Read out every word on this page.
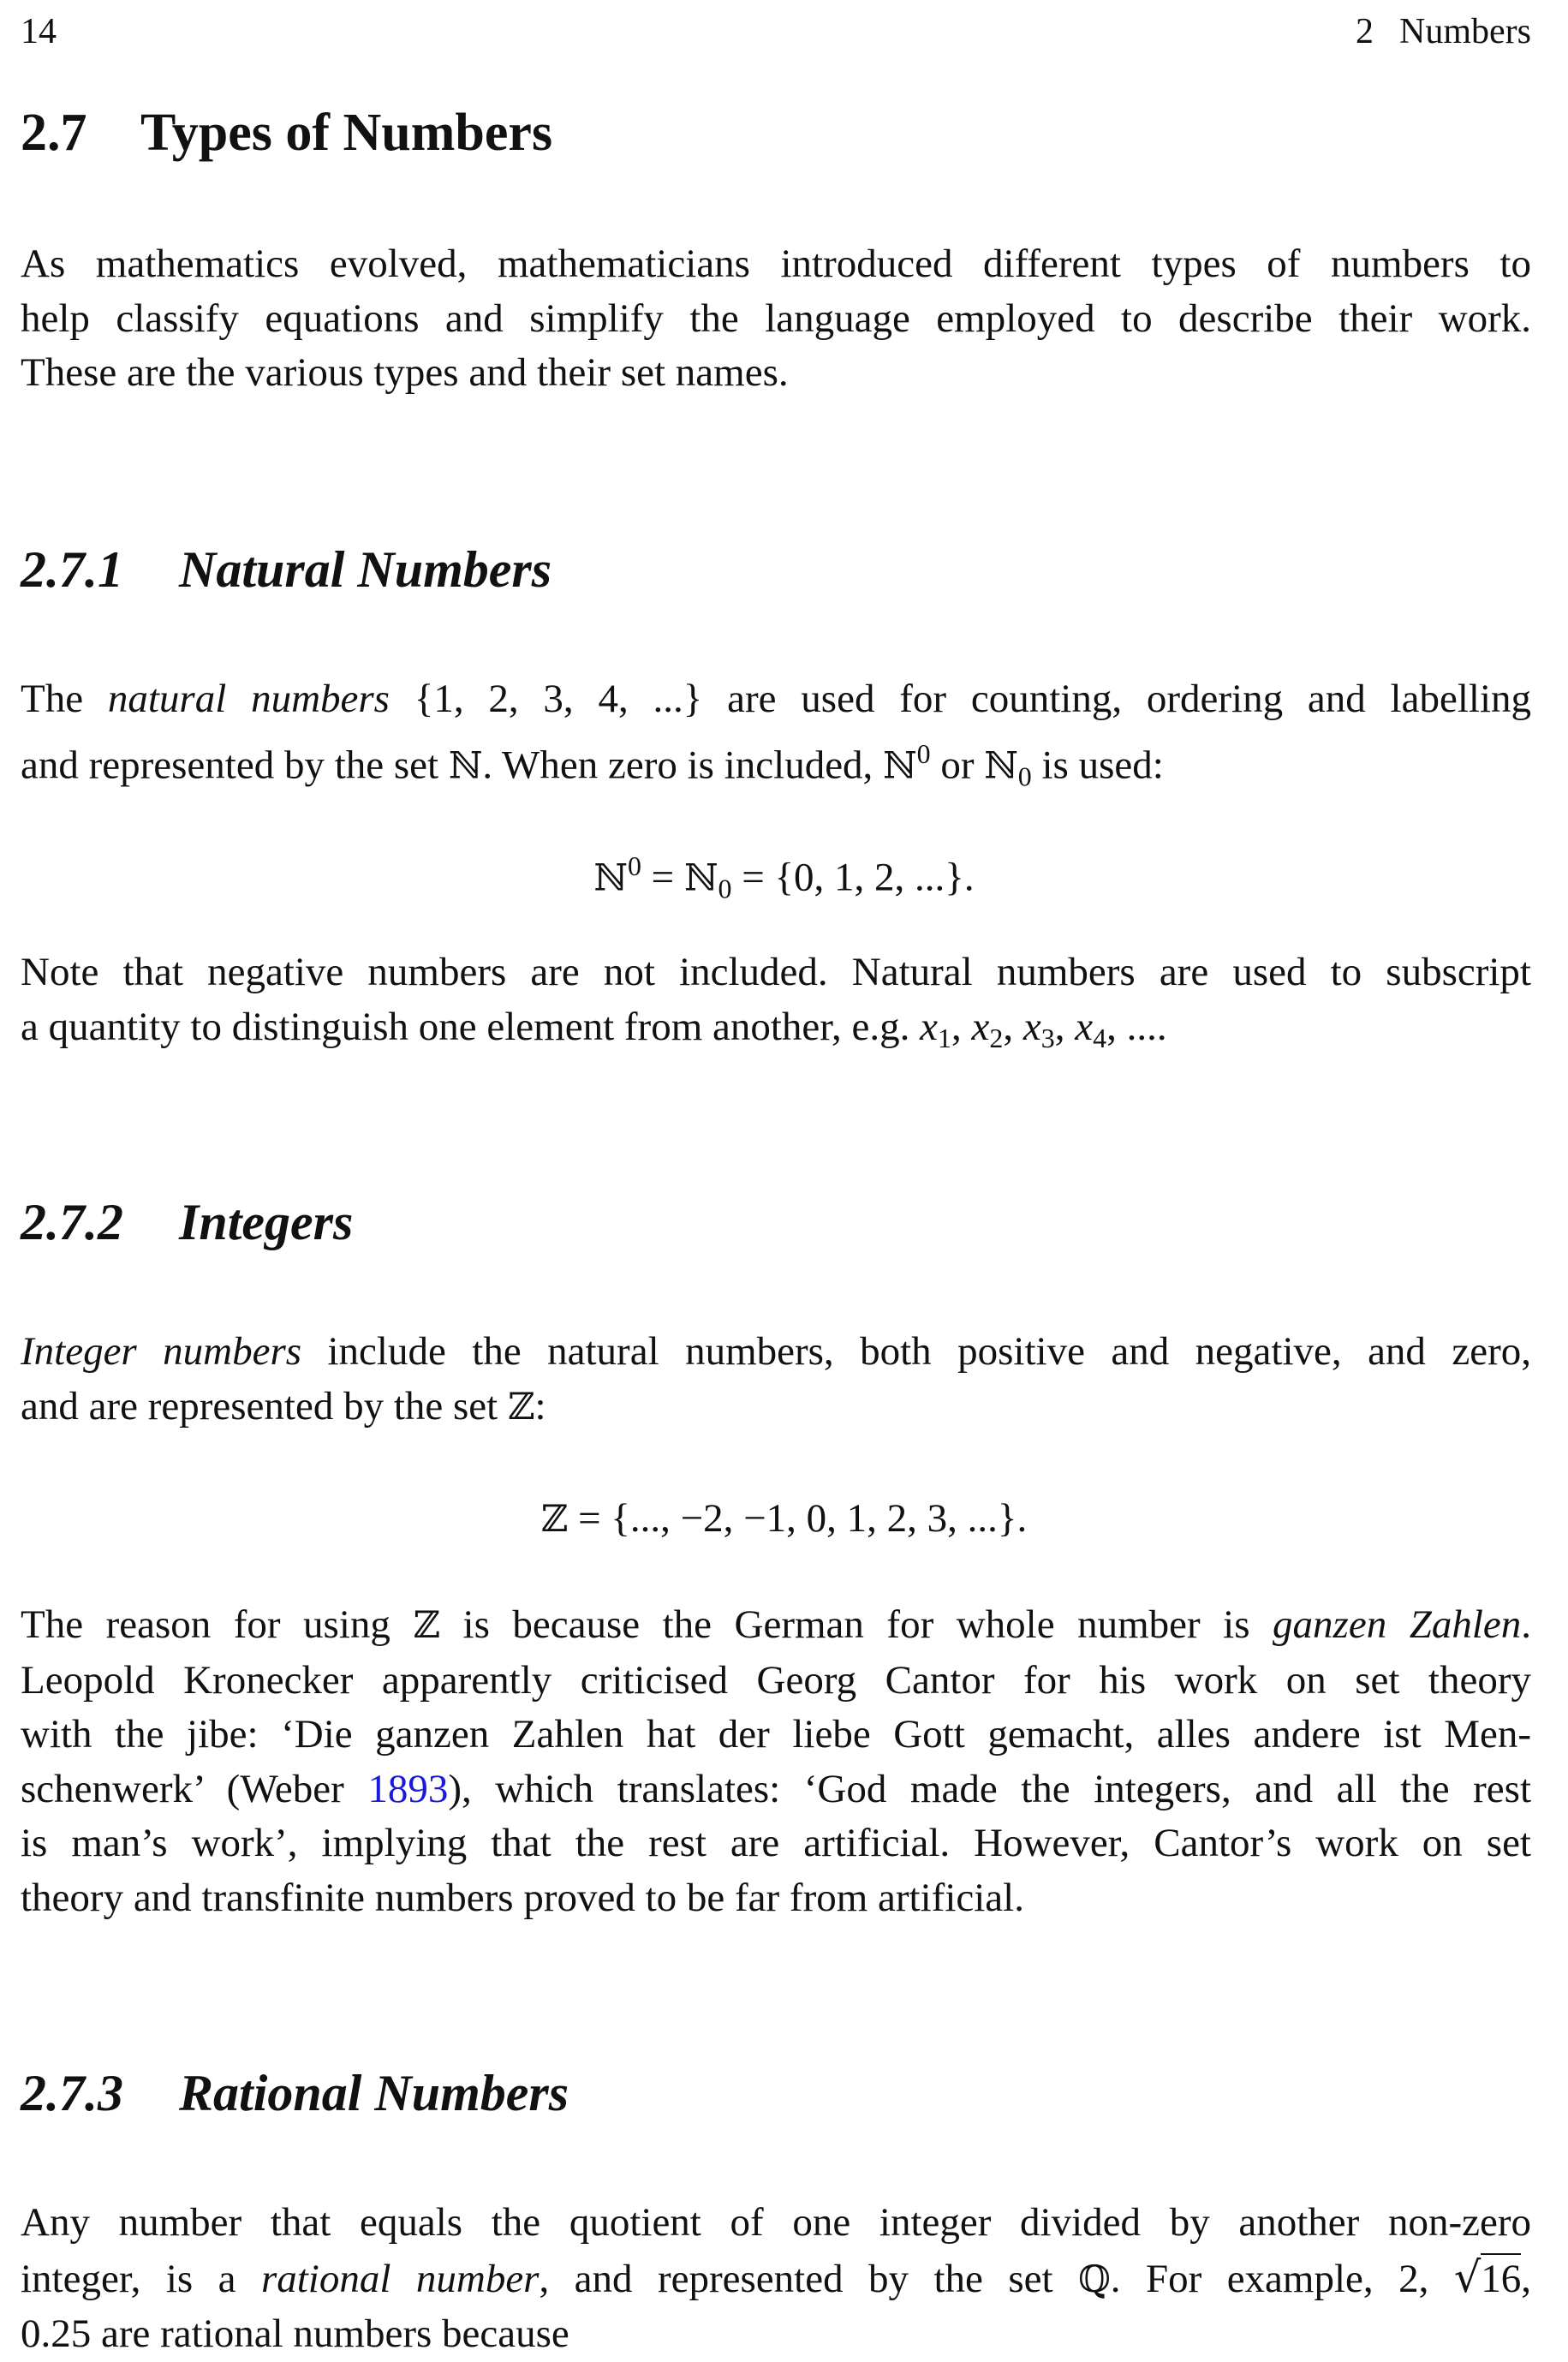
14	2 Numbers
2.7 Types of Numbers

As mathematics evolved, mathematicians introduced different types of numbers to
help classify equations and simplify the language employed to describe their work.
These are the various types and their set names.

2.7.1 Natural Numbers

The natural numbers {1, 2, 3, 4, ...} are used for counting, ordering and labelling
and represented by the set ℕ. When zero is included, ℕ$^0$ or ℕ$_0$ is used:

ℕ$^0$ = ℕ$_0$ = {0, 1, 2, ...}.

Note that negative numbers are not included. Natural numbers are used to subscript
a quantity to distinguish one element from another, e.g. $x_1$, $x_2$, $x_3$, $x_4$, ....

2.7.2 Integers

Integer numbers include the natural numbers, both positive and negative, and zero,
and are represented by the set ℤ:

ℤ = {..., −2, −1, 0, 1, 2, 3, ...}.

The reason for using ℤ is because the German for whole number is ganzen Zahlen.
Leopold Kronecker apparently criticised Georg Cantor for his work on set theory
with the jibe: ‘Die ganzen Zahlen hat der liebe Gott gemacht, alles andere ist Men-
schenwerk’ (Weber 1893), which translates: ‘God made the integers, and all the rest
is man’s work’, implying that the rest are artificial. However, Cantor’s work on set
theory and transfinite numbers proved to be far from artificial.

2.7.3 Rational Numbers

Any number that equals the quotient of one integer divided by another non-zero
integer, is a rational number, and represented by the set ℚ. For example, 2, √16,
0.25 are rational numbers because
